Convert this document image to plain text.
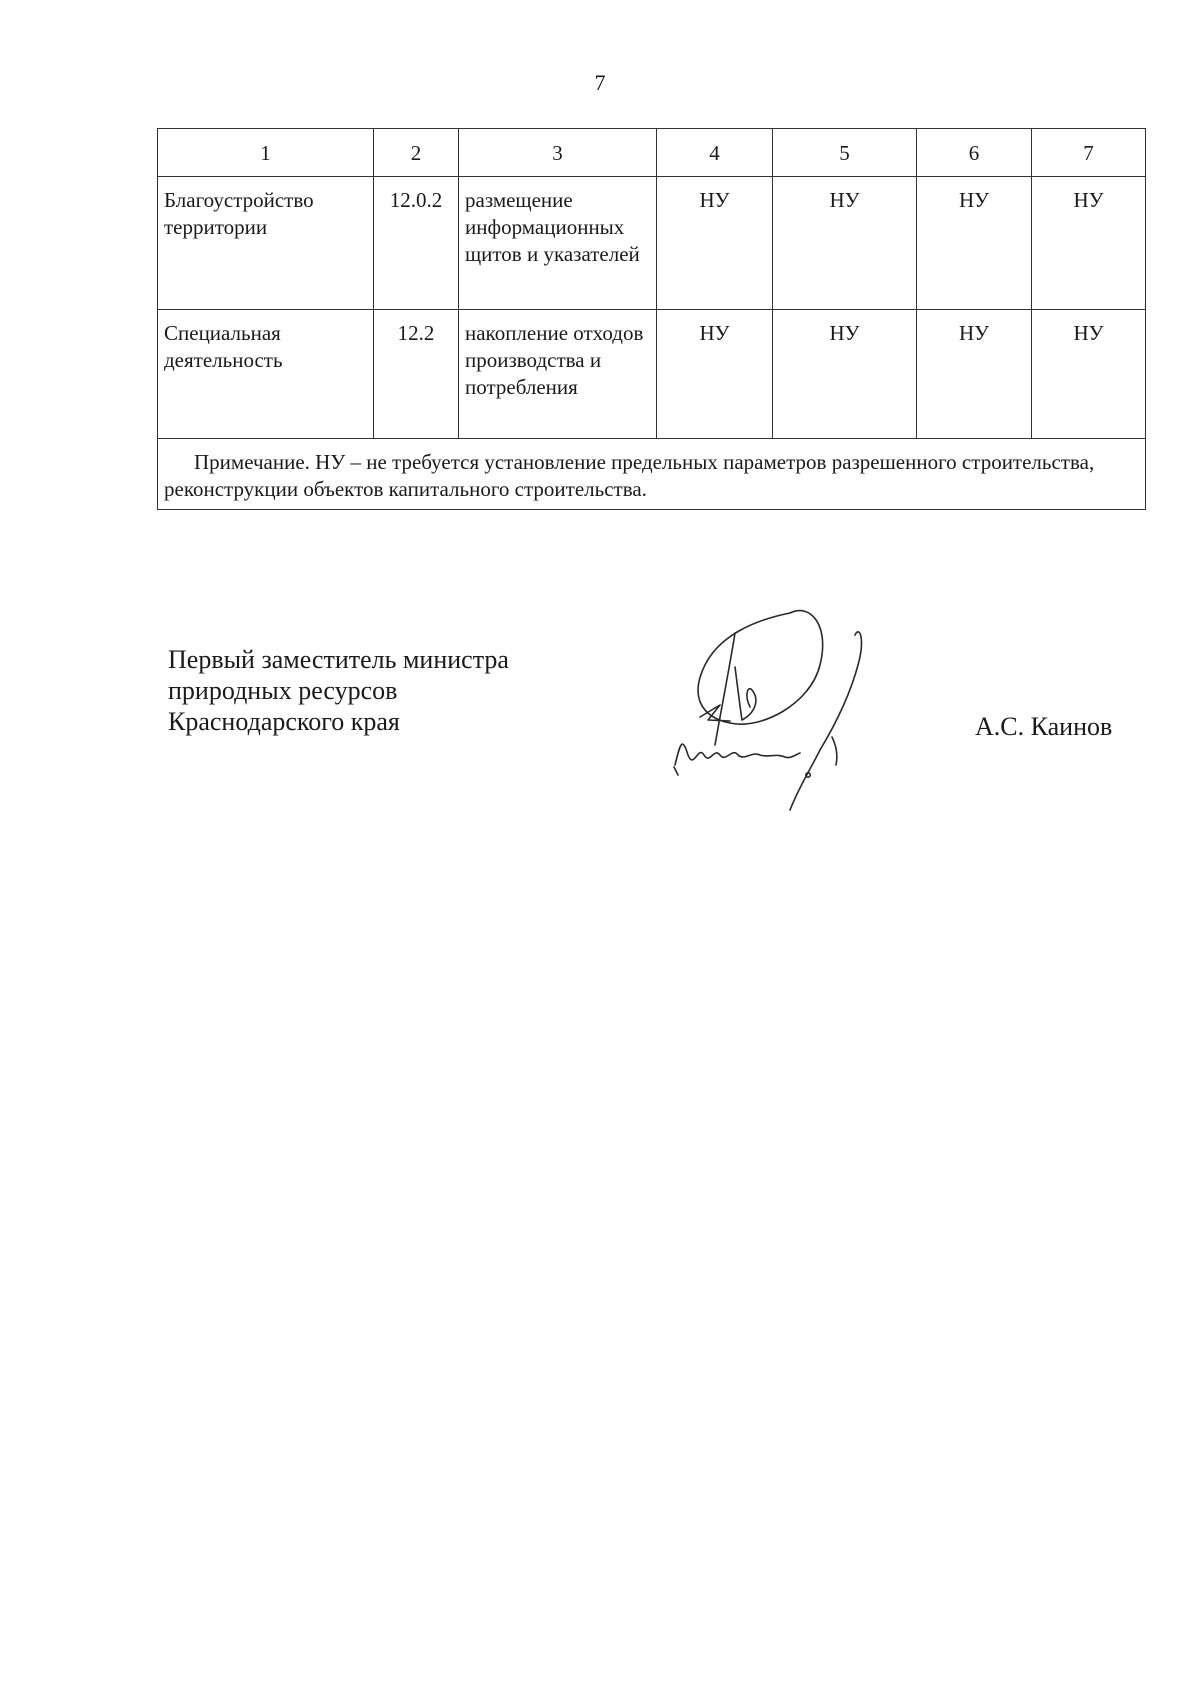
7
1	2	3	4	5	6	7
Благоустройство территории	12.0.2	размещение информационных щитов и указателей	НУ	НУ	НУ	НУ
Специальная деятельность	12.2	накопление отходов производства и потребления	НУ	НУ	НУ	НУ
Примечание. НУ – не требуется установление предельных параметров разрешенного строительства, реконструкции объектов капитального строительства.						
Первый заместитель министра
природных ресурсов
Краснодарского края	А.С. Каинов
